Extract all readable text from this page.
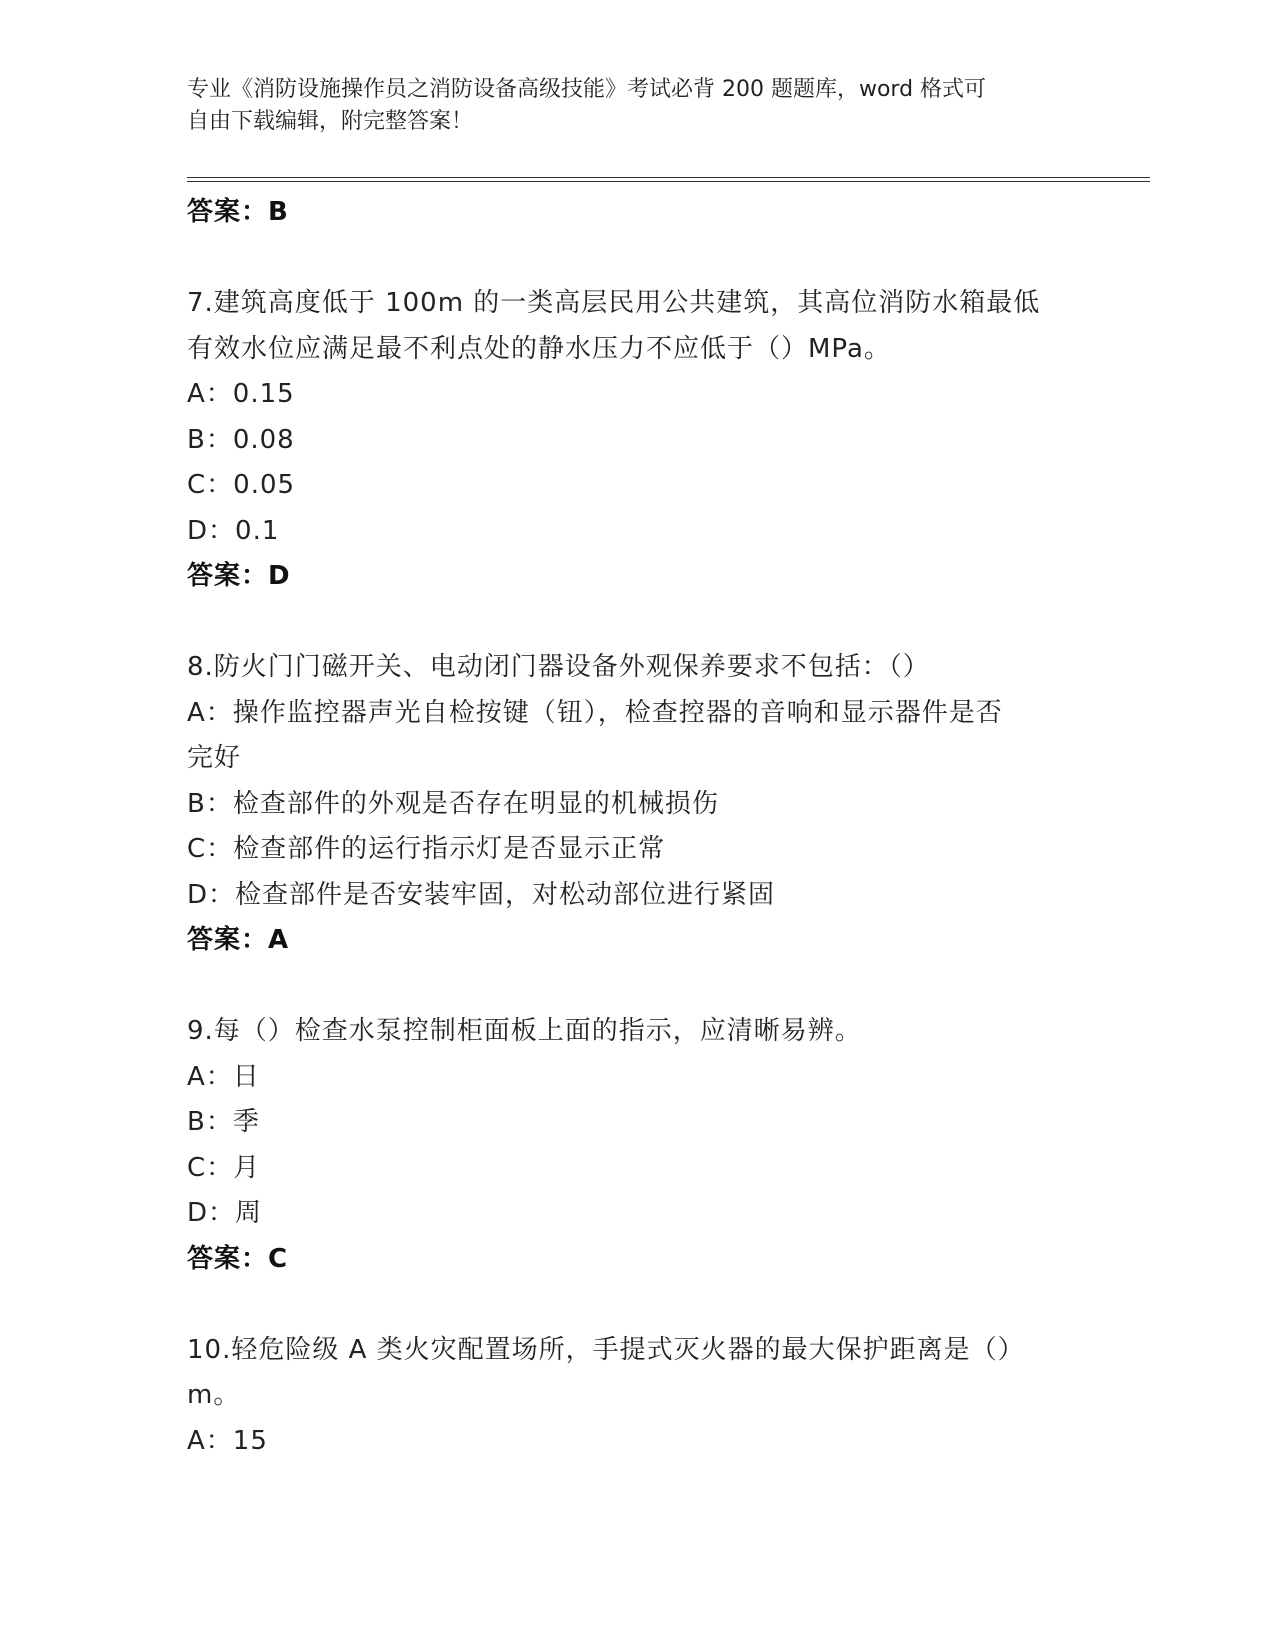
专业《消防设施操作员之消防设备高级技能》考试必背 200 题题库，word 格式可
自由下载编辑，附完整答案！
答案：B
7.建筑高度低于 100m 的一类高层民用公共建筑，其高位消防水箱最低
有效水位应满足最不利点处的静水压力不应低于（）MPa。
A：0.15
B：0.08
C：0.05
D：0.1
答案：D
8.防火门门磁开关、电动闭门器设备外观保养要求不包括：（）
A：操作监控器声光自检按键（钮），检查控器的音响和显示器件是否
完好
B：检查部件的外观是否存在明显的机械损伤
C：检查部件的运行指示灯是否显示正常
D：检查部件是否安装牢固，对松动部位进行紧固
答案：A
9.每（）检查水泵控制柜面板上面的指示，应清晰易辨。
A：日
B：季
C：月
D：周
答案：C
10.轻危险级 A 类火灾配置场所，手提式灭火器的最大保护距离是（）
m。
A：15
